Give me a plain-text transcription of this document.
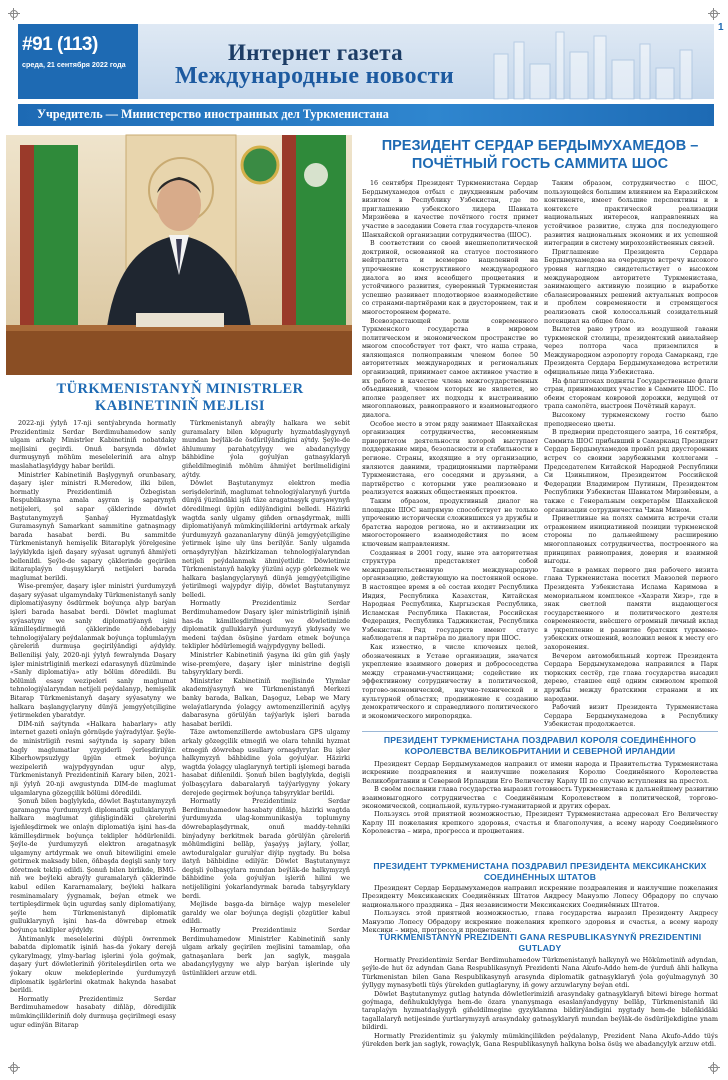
#91 (113)
среда, 21 сентября 2022 года	Интернет газета
Международные новости
1
Учредитель — Министерство иностранных дел Туркменистана
TÜRKMENISTANYŇ MINISTRLER KABINETINIŇ MEJLISI

2022-nji ýylyň 17-nji sentýabrynda hormatly Prezidentimiz Serdar Berdimuhamedow sanly ulgam arkaly Ministrler Kabinetiniň nobatdaky mejlisini geçirdi. Onuň barşynda döwlet durmuşynyň möhüm meseleleriniň ara alnyp maslahatlaşyldygy habar berildi.

Ministrler Kabinetiniň Başlygynyň orunbasary, daşary işler ministri R.Meredow, ilki bilen, hormatly Prezidentimiň Özbegistan Respublikasyna amala aşyran iş saparynyň netijeleri, şol sapar çäklerinde döwlet Baştutanymyzyň Şanhaý Hyzmatdaşlyk Guramasynyň Samarkant sammitine gatnaşmagy barada hasabat berdi. Bu sammitde Türkmenistanyň hemişelik Bitaraplyk ýörelgesine laýyklykda işjeň daşary syýasat ugrunyň ähmiýeti bellenildi. Şeýle-de sapary çäklerinde geçirilen ikitaraplaýyn duşuşyklaryň netijeleri barada maglumat berildi.

Wise-premýer, daşary işler ministri ýurdumyzyň daşary syýasat ulgamyndaky Türkmenistanyň sanly diplomatiýasyny ösdürmek boýunça alyp barýan işleri barada hasabat berdi. Döwlet maglumat syýasatyny we sanly diplomatiýanyň işini kämilleşdirmegiň çäklerinde öňdebaryjy tehnologiýalary peýdalanmak boýunça toplumlaýyn çäreleriň durmuşa geçirilýändigi aýdyldy. Bellenilişi ýaly, 2020-nji ýylyň fewralynda Daşary işler ministrliginiň merkezi edarasynyň düzüminde «Sanly diplomatiýa» atly bölüm döredildi. Bu bölümiň esasy wezipeleri sanly maglumat tehnologiýalaryndan netijeli peýdalanyp, hemişelik Bitarap Türkmenistanyň daşary syýasatyny we halkara başlangyçlaryny dünýä jemgyýetçiligine ýetirmekden ybaratdyr.

DIM-niň saýtynda «Halkara habarlary» atly internet gazeti onlaýn görnüşde ýaýradylýar. Şeýle-de ministrligiň resmi saýtynda iş sapary bilen bagly maglumatlar yzygiderli ýerleşdirilýär. Kiberhowpsuzlygy üpjün etmek boýunça wezipeleriň wajypdygyndan ugur alyp, Türkmenistanyň Prezidentiniň Karary bilen, 2021-nji ýylyň 20-nji awgustynda DIM-de maglumat ulgamlaryna gözegçilik bölümi döredildi.

Şonuň bilen baglylykda, döwlet Baştutanymyzyň garamagyna ýurdumyzyň diplomatik gulluklarynyň halkara maglumat giňişligindäki çärelerini işjeňleşdirmek we onlaýn diplomatiýa işini has-da kämilleşdirmek boýunça teklipler hödürlenildi. Şeýle-de ýurdumyzyň elektron aragatnaşyk ulgamyny artdyrmak we onuň bitewiligini emele getirmek maksady bilen, öňbaşda degişli sanly tory döretmek teklip edildi. Şonuň bilen birlikde, BMG-niň we beýleki abraýly guramalaryň çäklerinde kabul edilen Kararnamalary, beýleki halkara resminamalary ýygnamak, beýan etmek we tertipleşdirmek üçin ugurdaş sanly diplomatiýany, şeýle hem Türkmenistanyň diplomatik gulluklarynyň işini has-da döwrebap etmek boýunça teklipler aýdyldy.

Ähtimanlyk meselelerini düýpli öwrenmek babatda diplomatik işiniň has-da ýokary derejä çykarylmagy, ylmy-barlag işlerini ýola goýmak, daşary ýurt döwletleriniň ýöriteleşdirilen orta we ýokary okuw mekdeplerinde ýurdumyzyň diplomatik işgärlerini okatmak hakynda hasabat berildi.

Hormatly Prezidentimiz Serdar Berdimuhamedow hasabaty diňläp, döredijilik mümkinçilikleriniň doly durmuşa geçirilmegi esasy ugur edinýän Bitarap

Türkmenistanyň abraýly halkara we sebit guramalary bilen köpugurly hyzmatdaşlygynyň mundan beýläk-de ösdürilýändigini aýtdy. Şeýle-de ählumumy parahatçylygy we abadançylygy bähbidine ýola goýulýan gatnaşyklaryň giňeldilmeginiň möhüm ähmiýet berilmelidigini aýtdy.

Döwlet Baştutanymyz elektron media serişdeleriniň, maglumat tehnologiýalarynyň ýurtda dünýä ýüzündäki işiň täze aragatnaşyk gurşawynyň döredilmegi üpjün edilýändigini belledi. Häzirki wagtda sanly ulgamy giňden ornaşdyrmak, milli diplomatiýanyň mümkinçiliklerini artdyrmak arkaly ýurdumyzyň gazananlaryny dünýä jemgyýetçiligine ýetirmek işine uly üns berilýär. Sanly ulgamda ornaşdyrylýan häzirkizaman tehnologiýalaryndan netijeli peýdalanmak ähmiýetlidir. Döwletimiz Türkmenistanyň hakyky ýüzüni açyp görkezmek we halkara başlangyçlarynyň dünýä jemgyýetçiligine ýetirilmegi wajypdyr diýip, döwlet Baştutanymyz belledi.

Hormatly Prezidentimiz Serdar Berdimuhamedow Daşary işler ministrliginiň işiniň has-da kämilleşdirilmegi we döwletimizde diplomatik gulluklaryň ýurdumyzyň ykdysady we medeni taýdan ösüşine ýardam etmek boýunça teklipler hödürlemegiň wajypdygyny belledi.

Ministrler Kabinetiniň ýaşyna iki gün giň ýaşly wise-premýere, daşary işler ministrine degişli tabşyryklary berdi.

Ministrler Kabinetiniň mejlisinde Ylymlar akademiýasynyň we Türkmenistanyň Merkezi banky barada, Balkan, Daşoguz, Lebap we Mary welaýatlarynda ýolagçy awtomenzilleriniň açylyş dabarasyna görülýän taýýarlyk işleri barada hasabat berildi.

Täze awtomenzillerde awtobuslara GPS ulgamy arkaly gözegçilik etmegiň we olara tehniki hyzmat etmegiň döwrebap usullary ornaşdyrylar. Bu işler halkymyzyň bähbidine ýola goýulýar. Häzirki wagtda ýolagçy ulaglarynyň tertipli işlemegi barada hasabat diňlenildi. Şonuň bilen baglylykda, degişli ýolbaşçylara dabaralaryň taýýarlygyny ýokary derejede geçirmek boýunça tabşyryklar berildi.

Hormatly Prezidentimiz Serdar Berdimuhamedow hasabaty diňläp, häzirki wagtda ýurdumyzda ulag-kommunikasiýa toplumyny döwrebaplaşdyrmak, onuň maddy-tehniki binýadyny berkitmek barada görülýän çäreleriň möhümdigini belläp, ýaşaýyş jaýlary, ýollar, awtoduralgalar gurulýar diýip nygtady. Bu bolsa ilatyň bähbidine edilýär. Döwlet Baştutanymyz degişli ýolbaşçylara mundan beýläk-de halkymyzyň bähbidine ýola goýulýan işleriň hilini we netijeliligini ýokarlandyrmak barada tabşyryklary berdi.

Mejlisde başga-da birnäçe wajyp meseleler garaldy we olar boýunça degişli çözgütler kabul edildi.

Hormatly Prezidentimiz Serdar Berdimuhamedow Ministrler Kabinetiniň sanly ulgam arkaly geçirilen mejlisini tamamlap, oňa gatnaşanlara berk jan saglyk, maşgala abadançylygyny we alyp barýan işlerinde uly üstünlikleri arzuw etdi.

ПРЕЗИДЕНТ СЕРДАР БЕРДЫМУХАМЕДОВ – ПОЧЁТНЫЙ ГОСТЬ САММИТА ШОС

16 сентября Президент Туркменистана Сердар Бердымухамедов отбыл с двухдневным рабочим визитом в Республику Узбекистан, где по приглашению узбекского лидера Шавката Мирзиёева в качестве почётного гостя примет участие в заседании Совета глав государств-членов Шанхайской организации сотрудничества (ШОС).

В соответствии со своей внешнеполитической доктриной, основанной на статусе постоянного нейтралитета и всемерно нацеленной на упрочнение конструктивного международного диалога во имя всеобщего процветания и устойчивого развития, суверенный Туркменистан успешно развивает плодотворное взаимодействие со странами-партнёрами как в двустороннем, так и многостороннем формате.

Всевозрастающей роли современного Туркменского государства в мировом политическом и экономическом пространстве во многом способствует тот факт, что наша страна, являющаяся полноправным членом более 50 авторитетных международных и региональных организаций, принимает самое активное участие в их работе в качестве члена межгосударственных объединений, членом которых не является, но вполне разделяет их подходы к выстраиванию многоплановых, равноправного и взаимовыгодного диалога.

Особое место в этом ряду занимает Шанхайская организация сотрудничества, несомненным приоритетом деятельности которой выступает поддержание мира, безопасности и стабильности в регионе. Страны, входящие в эту организацию, являются давними, традиционными партнёрами Туркменистана, его соседями и друзьями, а партнёрство с которыми уже реализовано и реализуется важных общественных проектов.

Таким образом, продуктивный диалог на площадке ШОС напрямую способствует не только упрочению исторически сложившихся уз дружбы и братства народов региона, но и активизации их многостороннего взаимодействия по всем ключевым направлениям.

Созданная в 2001 году, ныне эта авторитетная структура представляет собой межправительственную международную организацию, действующую на постоянной основе. В настоящее время в её состав входят Республика Индия, Республика Казахстан, Китайская Народная Республика, Кыргызская Республика, Исламская Республика Пакистан, Российская Федерация, Республика Таджикистан, Республика Узбекистан. Ряд государств имеют статус наблюдателя и партнёра по диалогу при ШОС.

Как известно, в числе ключевых целей, обозначенных в Уставе организации, значатся укрепление взаимного доверия и добрососедства между странами-участницами; содействие их эффективному сотрудничеству в политической, торгово-экономической, научно-технической и культурной областях; продвижение к созданию демократического и справедливого политического и экономического миропорядка.

Таким образом, сотрудничество с ШОС, пользующейся большим влиянием на Евразийском континенте, имеет большие перспективы и в контексте практической реализации национальных интересов, направленных на устойчивое развитие, служа для последующего развития национальных экономик и их успешной интеграции в систему мирохозяйственных связей.

Приглашение Президента Сердара Бердымухамедова на очередную встречу высокого уровня наглядно свидетельствует о высоком международном авторитете Туркменистана, занимающего активную позицию в выработке сбалансированных решений актуальных вопросов и проблем современности и стремящегося реализовать свой колоссальный созидательный потенциал на общее благо.

Вылетев рано утром из воздушной гавани туркменской столицы, президентский авиалайнер через полтора часа приземлился в Международном аэропорту города Самарканд, где Президента Сердара Бердымухамедова встретили официальные лица Узбекистана.

На флагштоках подняты Государственные флаги стран, принимающих участие в Саммите ШОС. По обеим сторонам ковровой дорожки, ведущей от трапа самолёта, выстроен Почётный караул.

Высокому туркменскому гостю было преподнесено цветы.

В предверии предстоящего завтра, 16 сентября, Саммита ШОС прибывший в Самарканд Президент Сердар Бердымухамедов провёл ряд двусторонних встреч со своими зарубежными коллегами – Председателем Китайской Народной Республики Си Цзиньпином, Президентом Российской Федерации Владимиром Путиным, Президентом Республики Узбекистан Шавкатом Мирзиёевым, а также с Генеральным секретарём Шанхайской организации сотрудничества Чжан Мином.

Приветливые на полях саммита встречи стали отражением инициативной позиции туркменской стороны по дальнейшему расширению многоплановых сотрудничества, построенного на принципах равноправия, доверия и взаимной выгоды.

Также в рамках первого дня рабочего визита глава Туркменистана посетил Мавзолей первого Президента Узбекистана Ислама Каримова в мемориальном комплексе «Хазрати Хизр», где в знак светлой памяти выдающегося государственного и политического деятеля современности, внёсшего огромный личный вклад в укрепление и развитие братских туркмено-узбекских отношений, возложил венок к месту его захоронения.

Вечером автомобильный кортеж Президента Сердара Бердымухамедова направился в Парк тюркских сестёр, где глава государства высадил дерево, ставшее ещё одним символом крепкой дружбы между братскими странами и их народами.

Рабочий визит Президента Туркменистана Сердара Бердымухамедова в Республику Узбекистан продолжается.

ПРЕЗИДЕНТ ТУРКМЕНИСТАНА ПОЗДРАВИЛ КОРОЛЯ СОЕДИНЁННОГО КОРОЛЕВСТВА ВЕЛИКОБРИТАНИИ И СЕВЕРНОЙ ИРЛАНДИИ

Президент Сердар Бердымухамедов направил от имени народа и Правительства Туркменистана искренние поздравления и наилучшие пожелания Королю Соединённого Королевства Великобритании и Северной Ирландии Его Величеству Карлу III по случаю вступления на престол.

В своём послании глава государства выразил готовность Туркменистана к дальнейшему развитию взаимовыгодного сотрудничества с Соединённым Королевством в политической, торгово-экономической, социальной, культурно-гуманитарной и других сферах.

Пользуясь этой приятной возможностью, Президент Туркменистана адресовал Его Величеству Карлу III пожелания крепкого здоровья, счастья и благополучия, а всему народу Соединённого Королевства – мира, прогресса и процветания.

ПРЕЗИДЕНТ ТУРКМЕНИСТАНА ПОЗДРАВИЛ ПРЕЗИДЕНТА МЕКСИКАНСКИХ СОЕДИНЁННЫХ ШТАТОВ

Президент Сердар Бердымухамедов направил искренние поздравления и наилучшие пожелания Президенту Мексиканских Соединённых Штатов Андресу Мануэлю Лопесу Обрадору по случаю национального праздника – Дня независимости Мексиканских Соединённых Штатов.

Пользуясь этой приятной возможностью, глава государства выразил Президенту Андресу Мануэлю Лопесу Обрадору искренние пожелания крепкого здоровья и счастья, а всему народу Мексики – мира, прогресса и процветания.

TÜRKMENISTANYŇ PREZIDENTI GANA RESPUBLIKASYNYŇ PREZIDENTINI GUTLADY

Hormatly Prezidentimiz Serdar Berdimuhamedow Türkmenistanyň halkynyň we Hökümetiniň adyndan, şeýle-de hut öz adyndan Gana Respublikasynyň Prezidenti Nana Akufo-Addo hem-de ýurduň ähli halkyna Türkmenistan bilen Gana Respublikasynyň arasynda diplomatik gatnaşyklaryň ýola goýulmagynyň 30 ýyllygy mynasybetli tüýs ýürekden gutlaglaryny, iň gowy arzuwlaryny beýan etdi.

Döwlet Baştutanymyz gutlag hatynda döwletlerimiziň arasyndaky gatnaşyklaryň bitewi birege hormat goýmaga, deňhukuklylyga hem-de özara ynanyşmaga esaslanýandygyny belläp, Türkmenistaniň iki taraplaýyn hyzmatdaşlygyň giňeldilmegine gyzyklanma bildirýändigini nygtady hem-de bileňkidäki tagallalaryň netijesinde ýurtlarymyzyň arasyndaky gatnaşyklaryň mundan beýläk-de ösdüriljekdigine ynam bildirdi.

Hormatly Prezidentimiz şu ýakymly mümkinçilikden peýdalanyp, Prezident Nana Akufo-Addo tüýs ýürekden berk jan saglyk, rowaçlyk, Gana Respublikasynyň halkyna bolsa ösüş we abadançylyk arzuw etdi.
